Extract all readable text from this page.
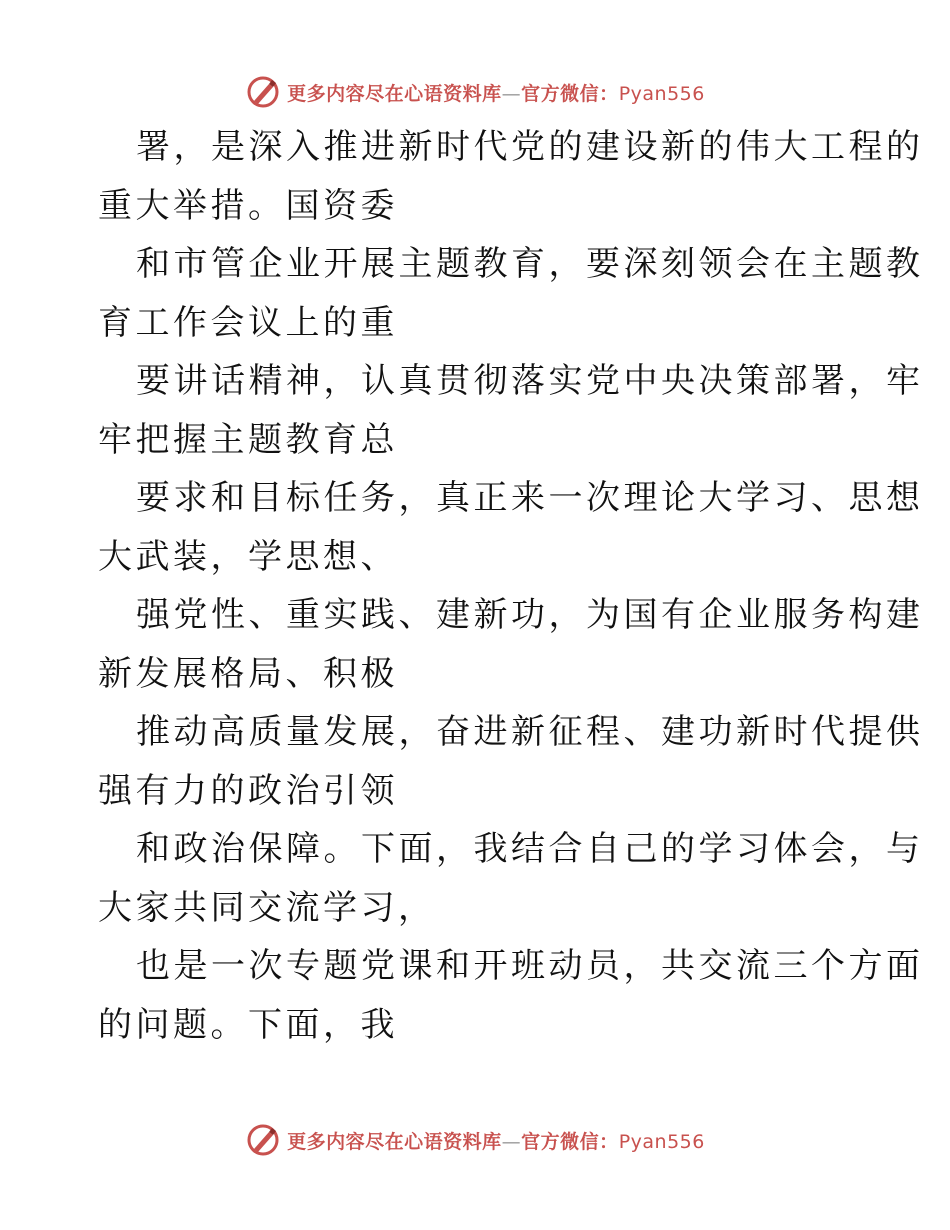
更多内容尽在心语资料库—官方微信：Pyan556
署，是深入推进新时代党的建设新的伟大工程的
重大举措。国资委
和市管企业开展主题教育，要深刻领会在主题教
育工作会议上的重
要讲话精神，认真贯彻落实党中央决策部署，牢
牢把握主题教育总
要求和目标任务，真正来一次理论大学习、思想
大武装，学思想、
强党性、重实践、建新功，为国有企业服务构建
新发展格局、积极
推动高质量发展，奋进新征程、建功新时代提供
强有力的政治引领
和政治保障。下面，我结合自己的学习体会，与
大家共同交流学习，
也是一次专题党课和开班动员，共交流三个方面
的问题。下面，我
更多内容尽在心语资料库—官方微信：Pyan556
